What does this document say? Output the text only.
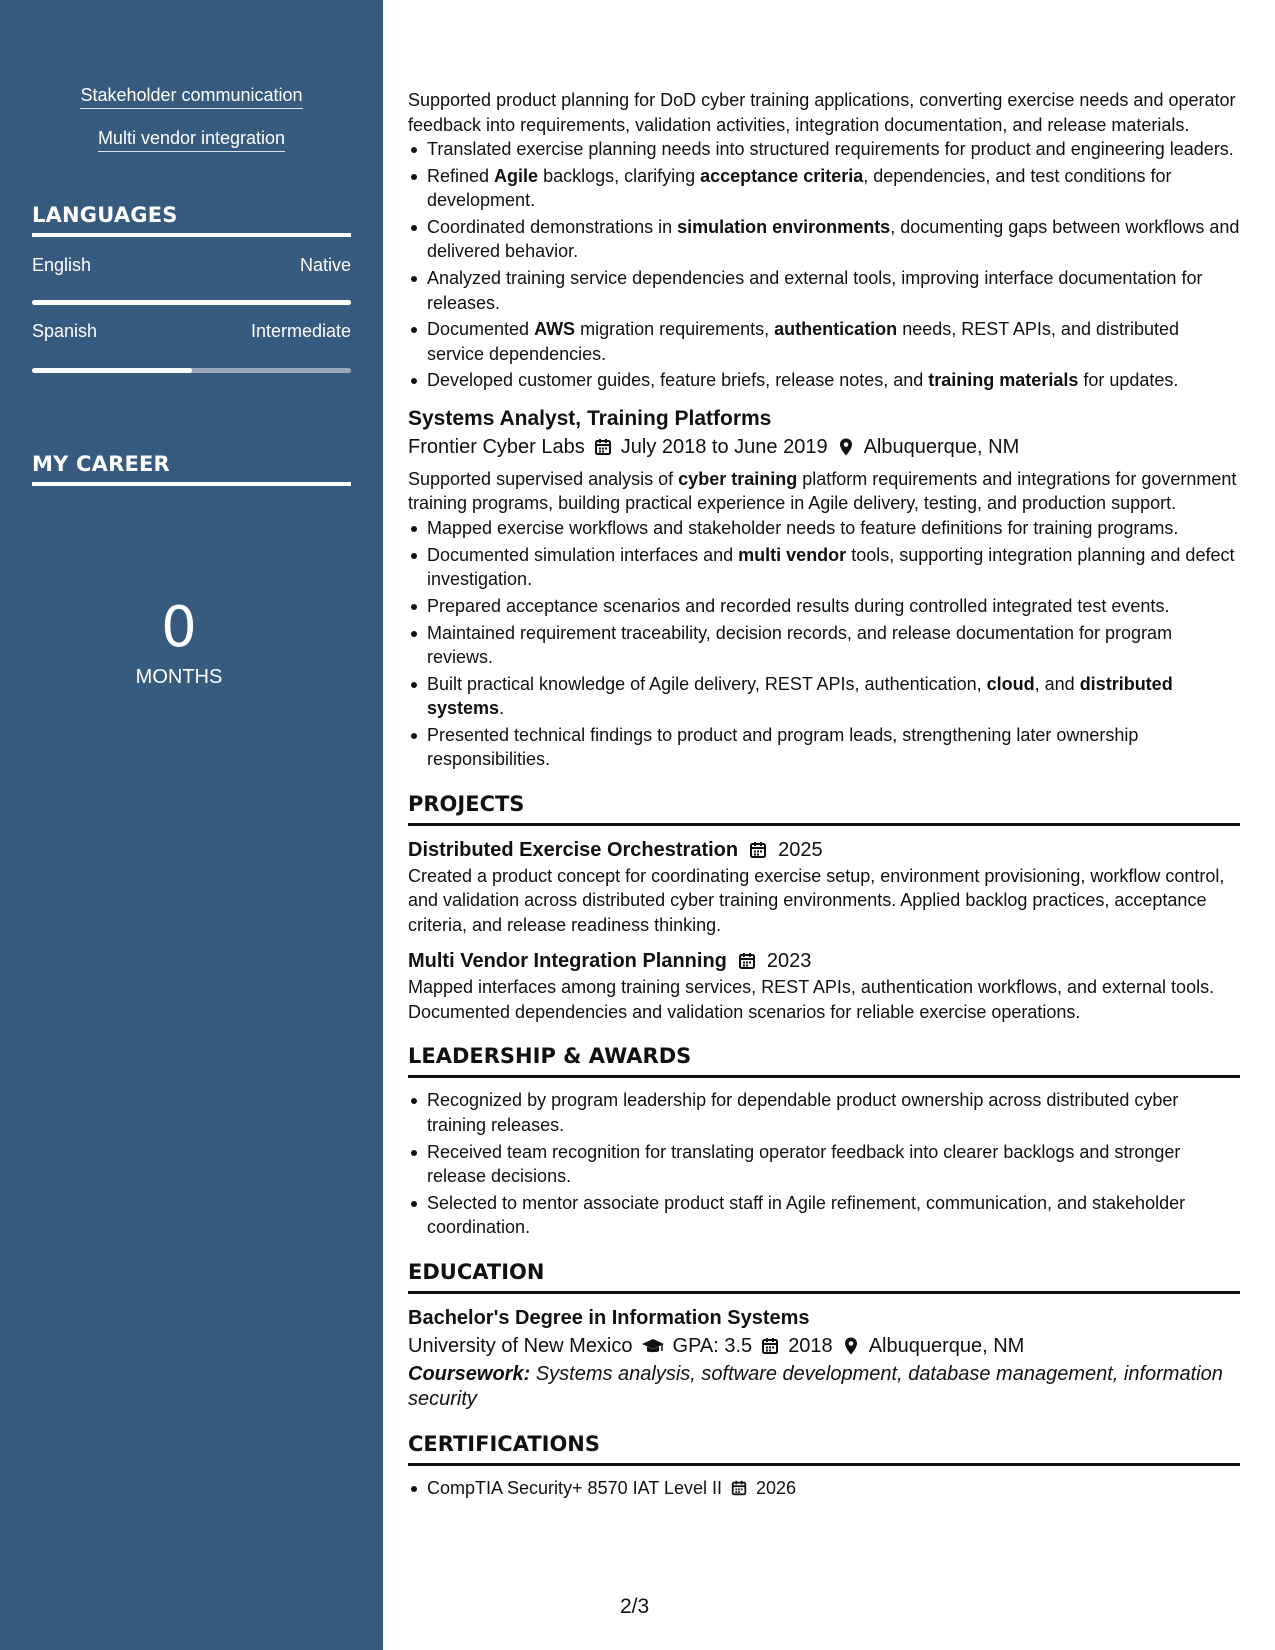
Stakeholder communication
Multi vendor integration
LANGUAGES
English	Native
Spanish	Intermediate
MY CAREER
0
MONTHS

Supported product planning for DoD cyber training applications, converting exercise needs and operator feedback into requirements, validation activities, integration documentation, and release materials.

Translated exercise planning needs into structured requirements for product and engineering leaders.
Refined Agile backlogs, clarifying acceptance criteria, dependencies, and test conditions for development.
Coordinated demonstrations in simulation environments, documenting gaps between workflows and delivered behavior.
Analyzed training service dependencies and external tools, improving interface documentation for releases.
Documented AWS migration requirements, authentication needs, REST APIs, and distributed service dependencies.
Developed customer guides, feature briefs, release notes, and training materials for updates.
Systems Analyst, Training Platforms
Frontier Cyber Labs July 2018 to June 2019 Albuquerque, NM

Supported supervised analysis of cyber training platform requirements and integrations for government training programs, building practical experience in Agile delivery, testing, and production support.

Mapped exercise workflows and stakeholder needs to feature definitions for training programs.
Documented simulation interfaces and multi vendor tools, supporting integration planning and defect investigation.
Prepared acceptance scenarios and recorded results during controlled integrated test events.
Maintained requirement traceability, decision records, and release documentation for program reviews.
Built practical knowledge of Agile delivery, REST APIs, authentication, cloud, and distributed systems.
Presented technical findings to product and program leads, strengthening later ownership responsibilities.
PROJECTS
Distributed Exercise Orchestration 2025

Created a product concept for coordinating exercise setup, environment provisioning, workflow control, and validation across distributed cyber training environments. Applied backlog practices, acceptance criteria, and release readiness thinking.

Multi Vendor Integration Planning 2023

Mapped interfaces among training services, REST APIs, authentication workflows, and external tools. Documented dependencies and validation scenarios for reliable exercise operations.

LEADERSHIP & AWARDS
Recognized by program leadership for dependable product ownership across distributed cyber training releases.
Received team recognition for translating operator feedback into clearer backlogs and stronger release decisions.
Selected to mentor associate product staff in Agile refinement, communication, and stakeholder coordination.
EDUCATION
Bachelor's Degree in Information Systems
University of New Mexico GPA: 3.5 2018 Albuquerque, NM

Coursework: Systems analysis, software development, database management, information security

CERTIFICATIONS
CompTIA Security+ 8570 IAT Level II 2026
2/3
